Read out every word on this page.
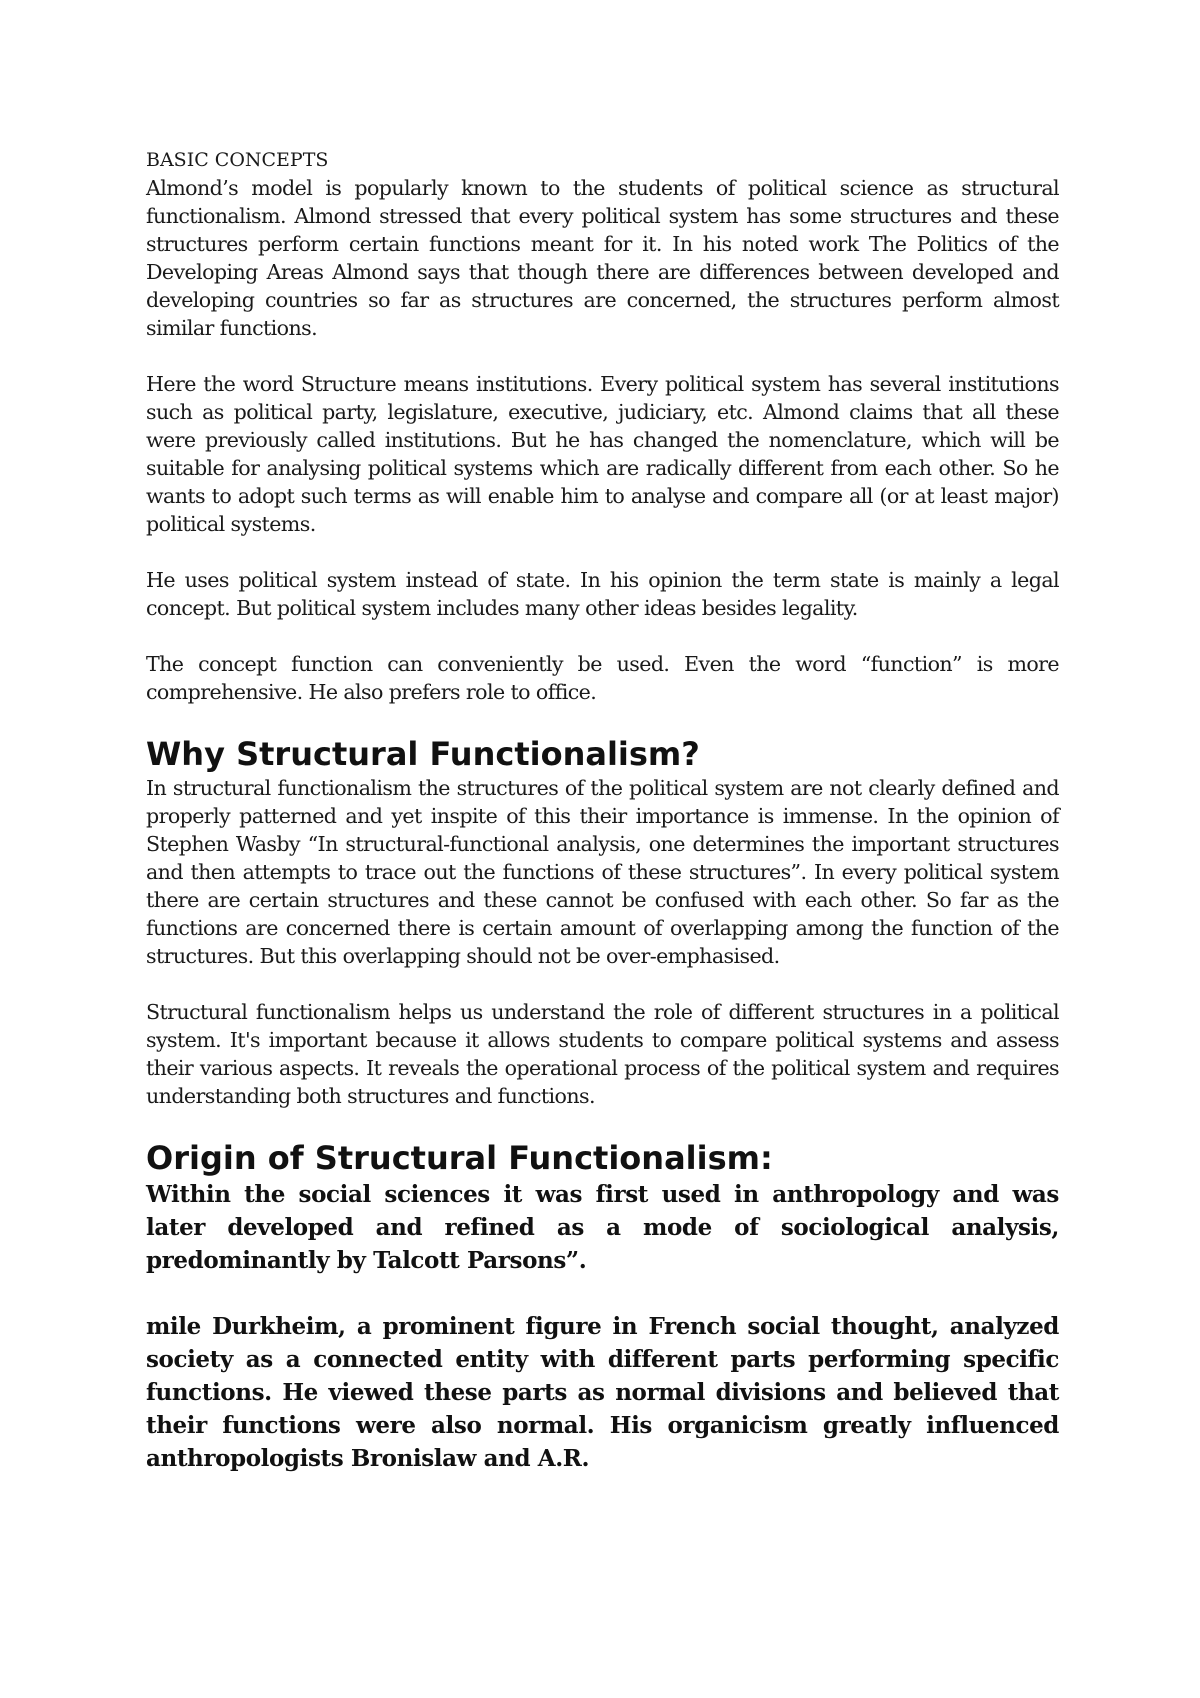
BASIC CONCEPTS

Almond’s model is popularly known to the students of political science as structural functionalism. Almond stressed that every political system has some structures and these structures perform certain functions meant for it. In his noted work The Politics of the Developing Areas Almond says that though there are differences between developed and developing countries so far as structures are concerned, the structures perform almost similar functions.

Here the word Structure means institutions. Every political system has several institutions such as political party, legislature, executive, judiciary, etc. Almond claims that all these were previously called institutions. But he has changed the nomenclature, which will be suitable for analysing political systems which are radically different from each other. So he wants to adopt such terms as will enable him to analyse and compare all (or at least major) political systems.

He uses political system instead of state. In his opinion the term state is mainly a legal concept. But political system includes many other ideas besides legality.

The concept function can conveniently be used. Even the word “function” is more comprehensive. He also prefers role to office.

Why Structural Functionalism?

In structural functionalism the structures of the political system are not clearly defined and properly patterned and yet inspite of this their importance is immense. In the opinion of Stephen Wasby “In structural-functional analysis, one determines the important structures and then attempts to trace out the functions of these structures”. In every political system there are certain structures and these cannot be confused with each other. So far as the functions are concerned there is certain amount of overlapping among the function of the structures. But this overlapping should not be over-emphasised.

Structural functionalism helps us understand the role of different structures in a political system. It's important because it allows students to compare political systems and assess their various aspects. It reveals the operational process of the political system and requires understanding both structures and functions.

Origin of Structural Functionalism:

Within the social sciences it was first used in anthropology and was later developed and refined as a mode of sociological analysis, predominantly by Talcott Parsons”.

mile Durkheim, a prominent figure in French social thought, analyzed society as a connected entity with different parts performing specific functions. He viewed these parts as normal divisions and believed that their functions were also normal. His organicism greatly influenced anthropologists Bronislaw and A.R.
